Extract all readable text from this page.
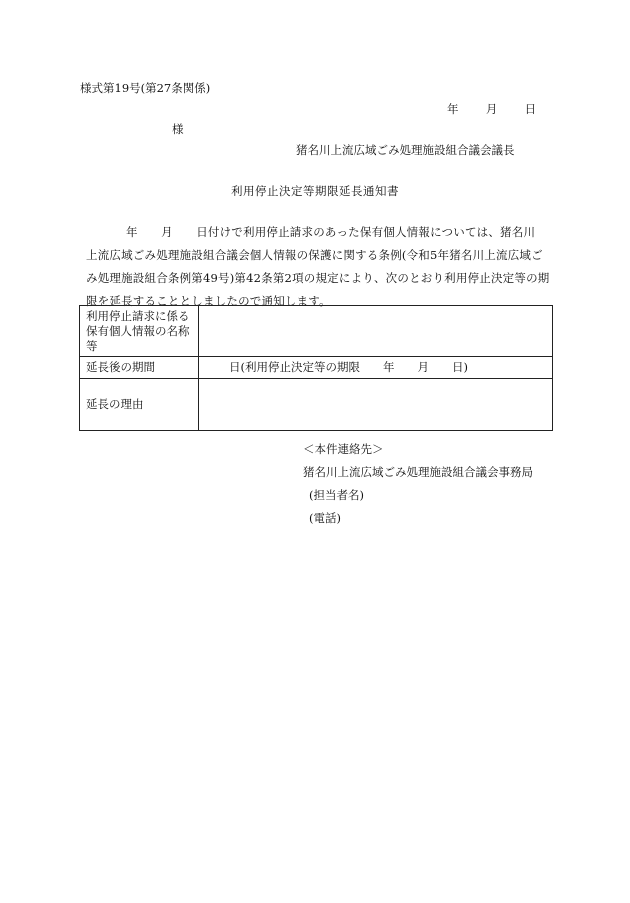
様式第19号(第27条関係)
年 月 日
様
猪名川上流広域ごみ処理施設組合議会議長
利用停止決定等期限延長通知書

年　　月　　日付けで利用停止請求のあった保有個人情報については、猪名川

上流広域ごみ処理施設組合議会個人情報の保護に関する条例(令和5年猪名川上流広域ご

み処理施設組合条例第49号)第42条第2項の規定により、次のとおり利用停止決定等の期

限を延長することとしましたので通知します。

利用停止請求に係る
保有個人情報の名称
等	

延長後の期間	日(利用停止決定等の期限　　年　　月　　日)
延長の理由	
＜本件連絡先＞
猪名川上流広域ごみ処理施設組合議会事務局
(担当者名)
(電話)
